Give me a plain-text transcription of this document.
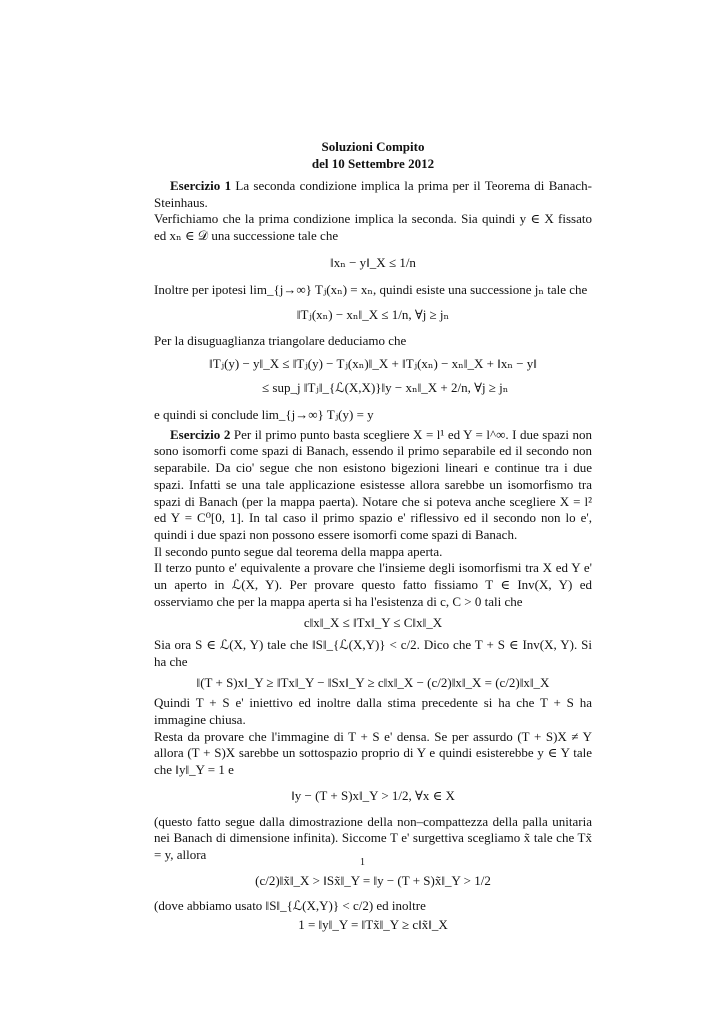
Soluzioni Compito

del 10 Settembre 2012

Esercizio 1 La seconda condizione implica la prima per il Teorema di Banach-Steinhaus.

Verfichiamo che la prima condizione implica la seconda. Sia quindi y ∈ X fissato ed xₙ ∈ 𝒟 una successione tale che

‖xₙ − y‖_X ≤ 1/n

Inoltre per ipotesi lim_{j→∞} Tⱼ(xₙ) = xₙ, quindi esiste una successione jₙ tale che

‖Tⱼ(xₙ) − xₙ‖_X ≤ 1/n, ∀j ≥ jₙ

Per la disuguaglianza triangolare deduciamo che

‖Tⱼ(y) − y‖_X ≤ ‖Tⱼ(y) − Tⱼ(xₙ)‖_X + ‖Tⱼ(xₙ) − xₙ‖_X + ‖xₙ − y‖
≤ sup_j ‖Tⱼ‖_{ℒ(X,X)}‖y − xₙ‖_X + 2/n, ∀j ≥ jₙ

e quindi si conclude lim_{j→∞} Tⱼ(y) = y

Esercizio 2 Per il primo punto basta scegliere X = l¹ ed Y = l^∞. I due spazi non sono isomorfi come spazi di Banach, essendo il primo separabile ed il secondo non separabile. Da cio' segue che non esistono bigezioni lineari e continue tra i due spazi. Infatti se una tale applicazione esistesse allora sarebbe un isomorfismo tra spazi di Banach (per la mappa paerta). Notare che si poteva anche scegliere X = l² ed Y = C⁰[0, 1]. In tal caso il primo spazio e' riflessivo ed il secondo non lo e', quindi i due spazi non possono essere isomorfi come spazi di Banach.

Il secondo punto segue dal teorema della mappa aperta.

Il terzo punto e' equivalente a provare che l'insieme degli isomorfismi tra X ed Y e' un aperto in ℒ(X, Y). Per provare questo fatto fissiamo T ∈ Inv(X, Y) ed osserviamo che per la mappa aperta si ha l'esistenza di c, C > 0 tali che

c‖x‖_X ≤ ‖Tx‖_Y ≤ C‖x‖_X

Sia ora S ∈ ℒ(X, Y) tale che ‖S‖_{ℒ(X,Y)} < c/2. Dico che T + S ∈ Inv(X, Y). Si ha che

‖(T + S)x‖_Y ≥ ‖Tx‖_Y − ‖Sx‖_Y ≥ c‖x‖_X − (c/2)‖x‖_X = (c/2)‖x‖_X

Quindi T + S e' iniettivo ed inoltre dalla stima precedente si ha che T + S ha immagine chiusa.

Resta da provare che l'immagine di T + S e' densa. Se per assurdo (T + S)X ≠ Y allora (T + S)X sarebbe un sottospazio proprio di Y e quindi esisterebbe y ∈ Y tale che ‖y‖_Y = 1 e

‖y − (T + S)x‖_Y > 1/2, ∀x ∈ X

(questo fatto segue dalla dimostrazione della non–compattezza della palla unitaria nei Banach di dimensione infinita). Siccome T e' surgettiva scegliamo x̃ tale che Tx̃ = y, allora

(c/2)‖x̃‖_X > ‖Sx̃‖_Y = ‖y − (T + S)x̃‖_Y > 1/2

(dove abbiamo usato ‖S‖_{ℒ(X,Y)} < c/2) ed inoltre

1 = ‖y‖_Y = ‖Tx̃‖_Y ≥ c‖x̃‖_X
1
